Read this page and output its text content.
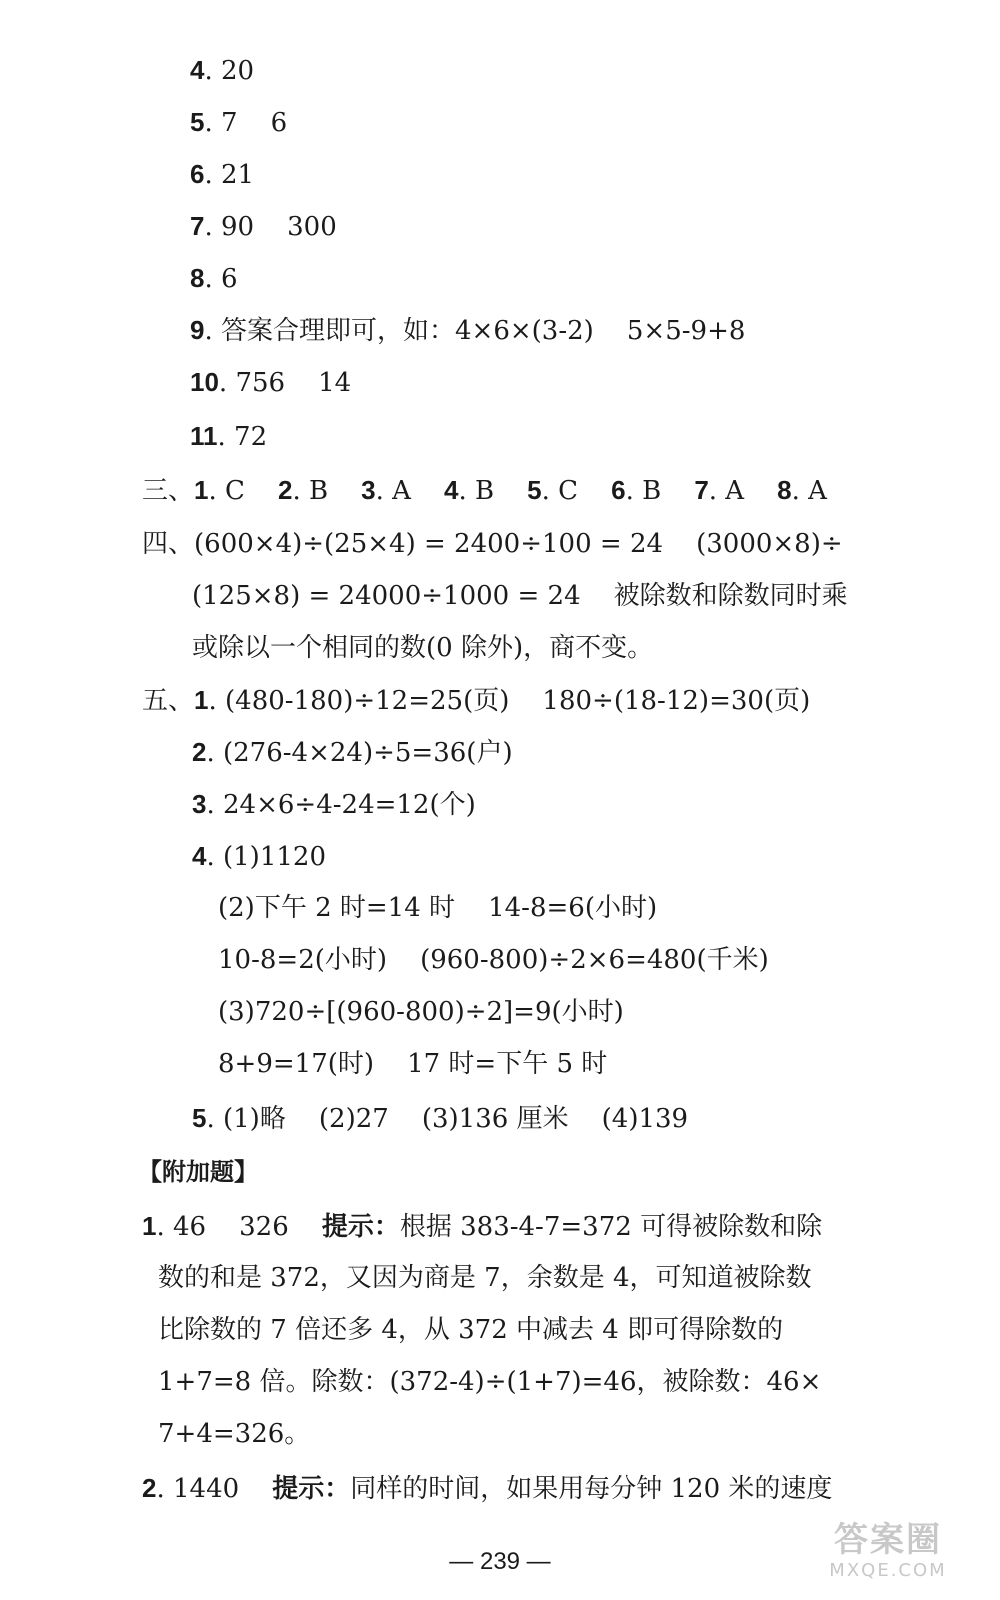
4. 20
5. 7    6
6. 21
7. 90    300
8. 6
9. 答案合理即可，如：4×6×(3-2)    5×5-9+8
10. 756    14
11. 72
三、1. C 2. B 3. A 4. B 5. C 6. B 7. A 8. A
四、(600×4)÷(25×4) = 2400÷100 = 24    (3000×8)÷
(125×8) = 24000÷1000 = 24    被除数和除数同时乘
或除以一个相同的数(0 除外)，商不变。
五、1. (480-180)÷12=25(页)    180÷(18-12)=30(页)
2. (276-4×24)÷5=36(户)
3. 24×6÷4-24=12(个)
4. (1)1120
(2)下午 2 时=14 时    14-8=6(小时)
10-8=2(小时)    (960-800)÷2×6=480(千米)
(3)720÷[(960-800)÷2]=9(小时)
8+9=17(时)    17 时=下午 5 时
5. (1)略    (2)27    (3)136 厘米    (4)139
【附加题】
1. 46    326    提示：根据 383-4-7=372 可得被除数和除
数的和是 372，又因为商是 7，余数是 4，可知道被除数
比除数的 7 倍还多 4，从 372 中减去 4 即可得除数的
1+7=8 倍。除数：(372-4)÷(1+7)=46，被除数：46×
7+4=326。
2. 1440    提示：同样的时间，如果用每分钟 120 米的速度
— 239 —
答案圈
MXQE.COM
